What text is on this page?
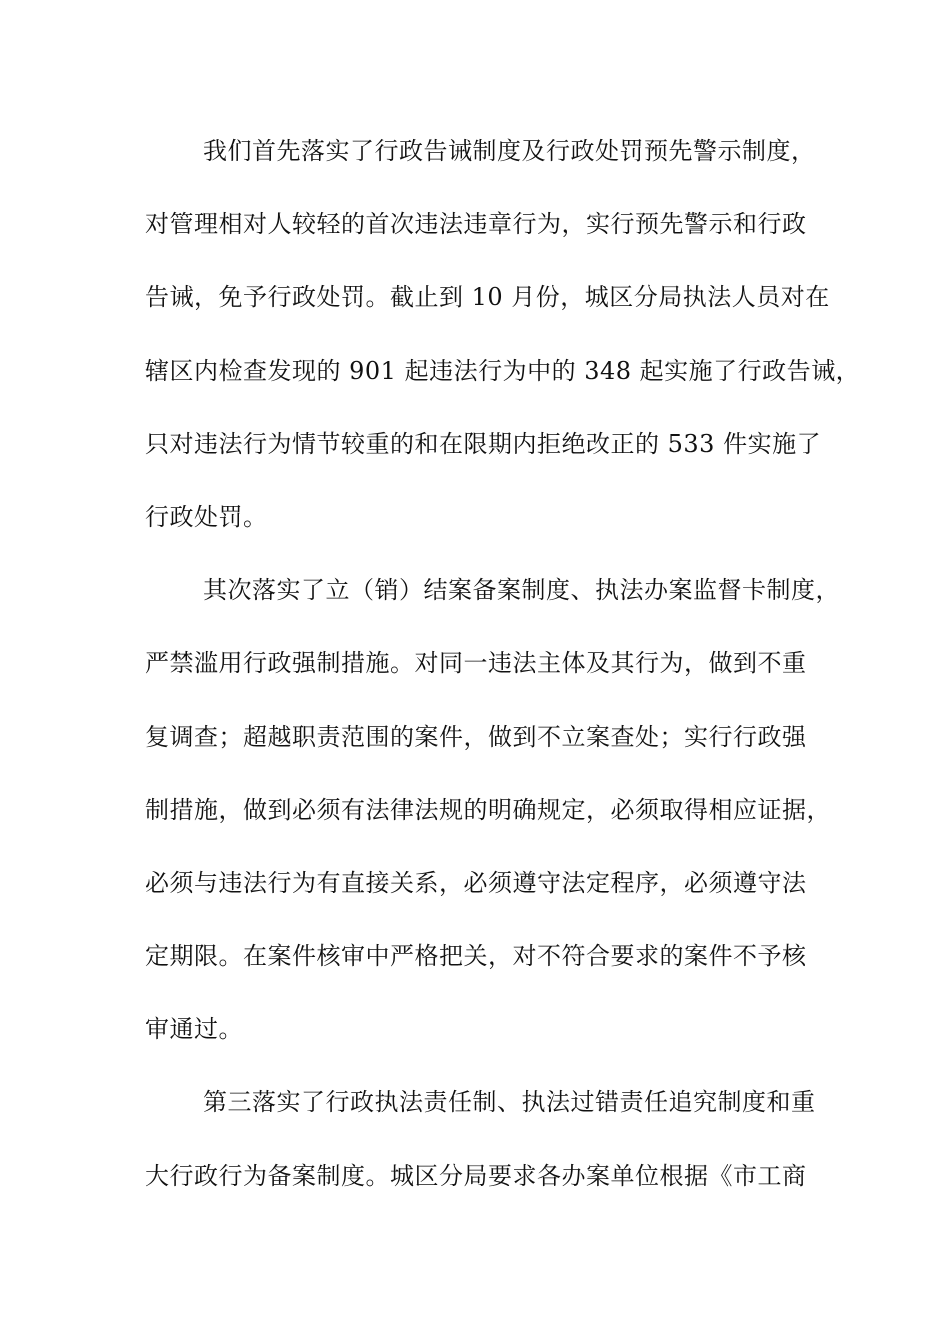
我们首先落实了行政告诫制度及行政处罚预先警示制度，
对管理相对人较轻的首次违法违章行为，实行预先警示和行政
告诫，免予行政处罚。截止到 10 月份，城区分局执法人员对在
辖区内检查发现的 901 起违法行为中的 348 起实施了行政告诫，
只对违法行为情节较重的和在限期内拒绝改正的 533 件实施了
行政处罚。
其次落实了立（销）结案备案制度、执法办案监督卡制度，
严禁滥用行政强制措施。对同一违法主体及其行为，做到不重
复调查；超越职责范围的案件，做到不立案查处；实行行政强
制措施，做到必须有法律法规的明确规定，必须取得相应证据，
必须与违法行为有直接关系，必须遵守法定程序，必须遵守法
定期限。在案件核审中严格把关，对不符合要求的案件不予核
审通过。
第三落实了行政执法责任制、执法过错责任追究制度和重
大行政行为备案制度。城区分局要求各办案单位根据《市工商
